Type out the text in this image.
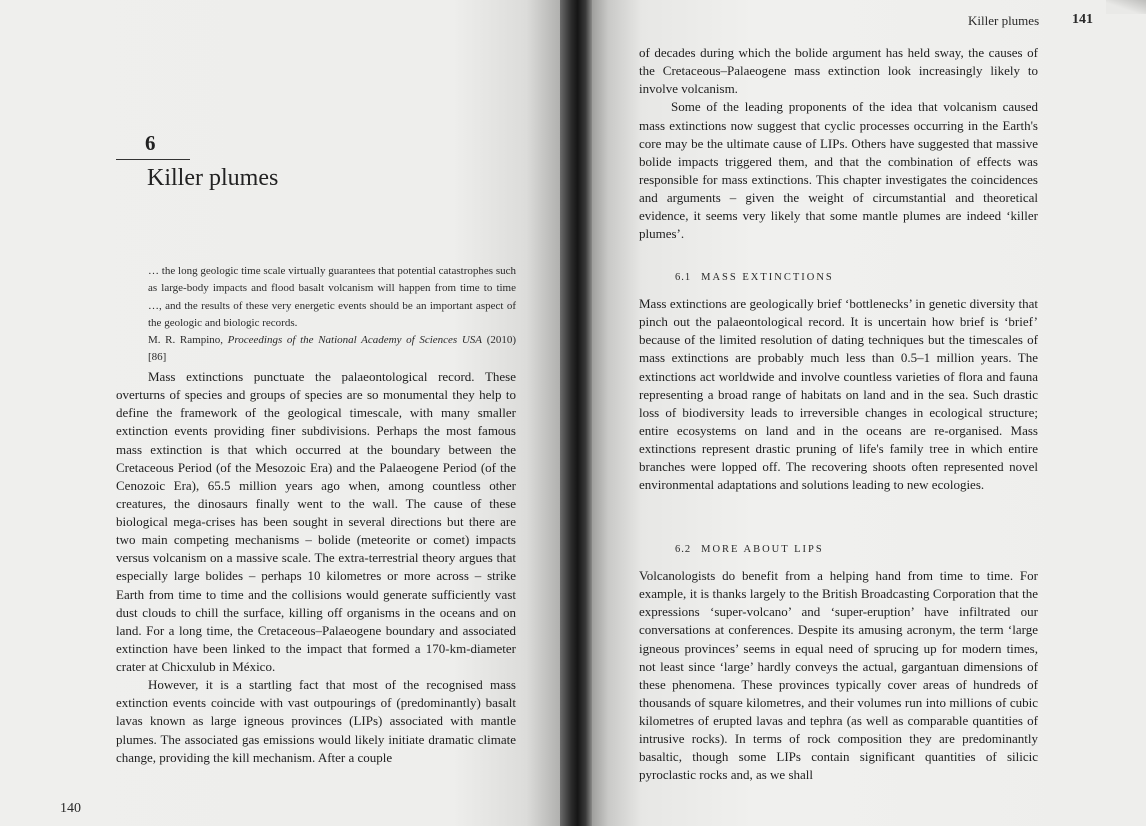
6
Killer plumes

… the long geologic time scale virtually guarantees that potential catastrophes such as large-body impacts and flood basalt volcanism will happen from time to time …, and the results of these very energetic events should be an important aspect of the geologic and biologic records.

M. R. Rampino, Proceedings of the National Academy of Sciences USA (2010) [86]

Mass extinctions punctuate the palaeontological record. These overturns of species and groups of species are so monumental they help to define the framework of the geological timescale, with many smaller extinction events providing finer subdivisions. Perhaps the most famous mass extinction is that which occurred at the boundary between the Cretaceous Period (of the Mesozoic Era) and the Palaeogene Period (of the Cenozoic Era), 65.5 million years ago when, among countless other creatures, the dinosaurs finally went to the wall. The cause of these biological mega-crises has been sought in several directions but there are two main competing mechanisms – bolide (meteorite or comet) impacts versus volcanism on a massive scale. The extra-terrestrial theory argues that especially large bolides – perhaps 10 kilometres or more across – strike Earth from time to time and the collisions would generate sufficiently vast dust clouds to chill the surface, killing off organisms in the oceans and on land. For a long time, the Cretaceous–Palaeogene boundary and associated extinction have been linked to the impact that formed a 170-km-diameter crater at Chicxulub in México.

However, it is a startling fact that most of the recognised mass extinction events coincide with vast outpourings of (predominantly) basalt lavas known as large igneous provinces (LIPs) associated with mantle plumes. The associated gas emissions would likely initiate dramatic climate change, providing the kill mechanism. After a couple

140
Killer plumes 141

of decades during which the bolide argument has held sway, the causes of the Cretaceous–Palaeogene mass extinction look increasingly likely to involve volcanism.

Some of the leading proponents of the idea that volcanism caused mass extinctions now suggest that cyclic processes occurring in the Earth's core may be the ultimate cause of LIPs. Others have suggested that massive bolide impacts triggered them, and that the combination of effects was responsible for mass extinctions. This chapter investigates the coincidences and arguments – given the weight of circumstantial and theoretical evidence, it seems very likely that some mantle plumes are indeed ‘killer plumes’.

6.1 MASS EXTINCTIONS

Mass extinctions are geologically brief ‘bottlenecks’ in genetic diversity that pinch out the palaeontological record. It is uncertain how brief is ‘brief’ because of the limited resolution of dating techniques but the timescales of mass extinctions are probably much less than 0.5–1 million years. The extinctions act worldwide and involve countless varieties of flora and fauna representing a broad range of habitats on land and in the sea. Such drastic loss of biodiversity leads to irreversible changes in ecological structure; entire ecosystems on land and in the oceans are re-organised. Mass extinctions represent drastic pruning of life's family tree in which entire branches were lopped off. The recovering shoots often represented novel environmental adaptations and solutions leading to new ecologies.

6.2 MORE ABOUT LIPS

Volcanologists do benefit from a helping hand from time to time. For example, it is thanks largely to the British Broadcasting Corporation that the expressions ‘super-volcano’ and ‘super-eruption’ have infiltrated our conversations at conferences. Despite its amusing acronym, the term ‘large igneous provinces’ seems in equal need of sprucing up for modern times, not least since ‘large’ hardly conveys the actual, gargantuan dimensions of these phenomena. These provinces typically cover areas of hundreds of thousands of square kilometres, and their volumes run into millions of cubic kilometres of erupted lavas and tephra (as well as comparable quantities of intrusive rocks). In terms of rock composition they are predominantly basaltic, though some LIPs contain significant quantities of silicic pyroclastic rocks and, as we shall
